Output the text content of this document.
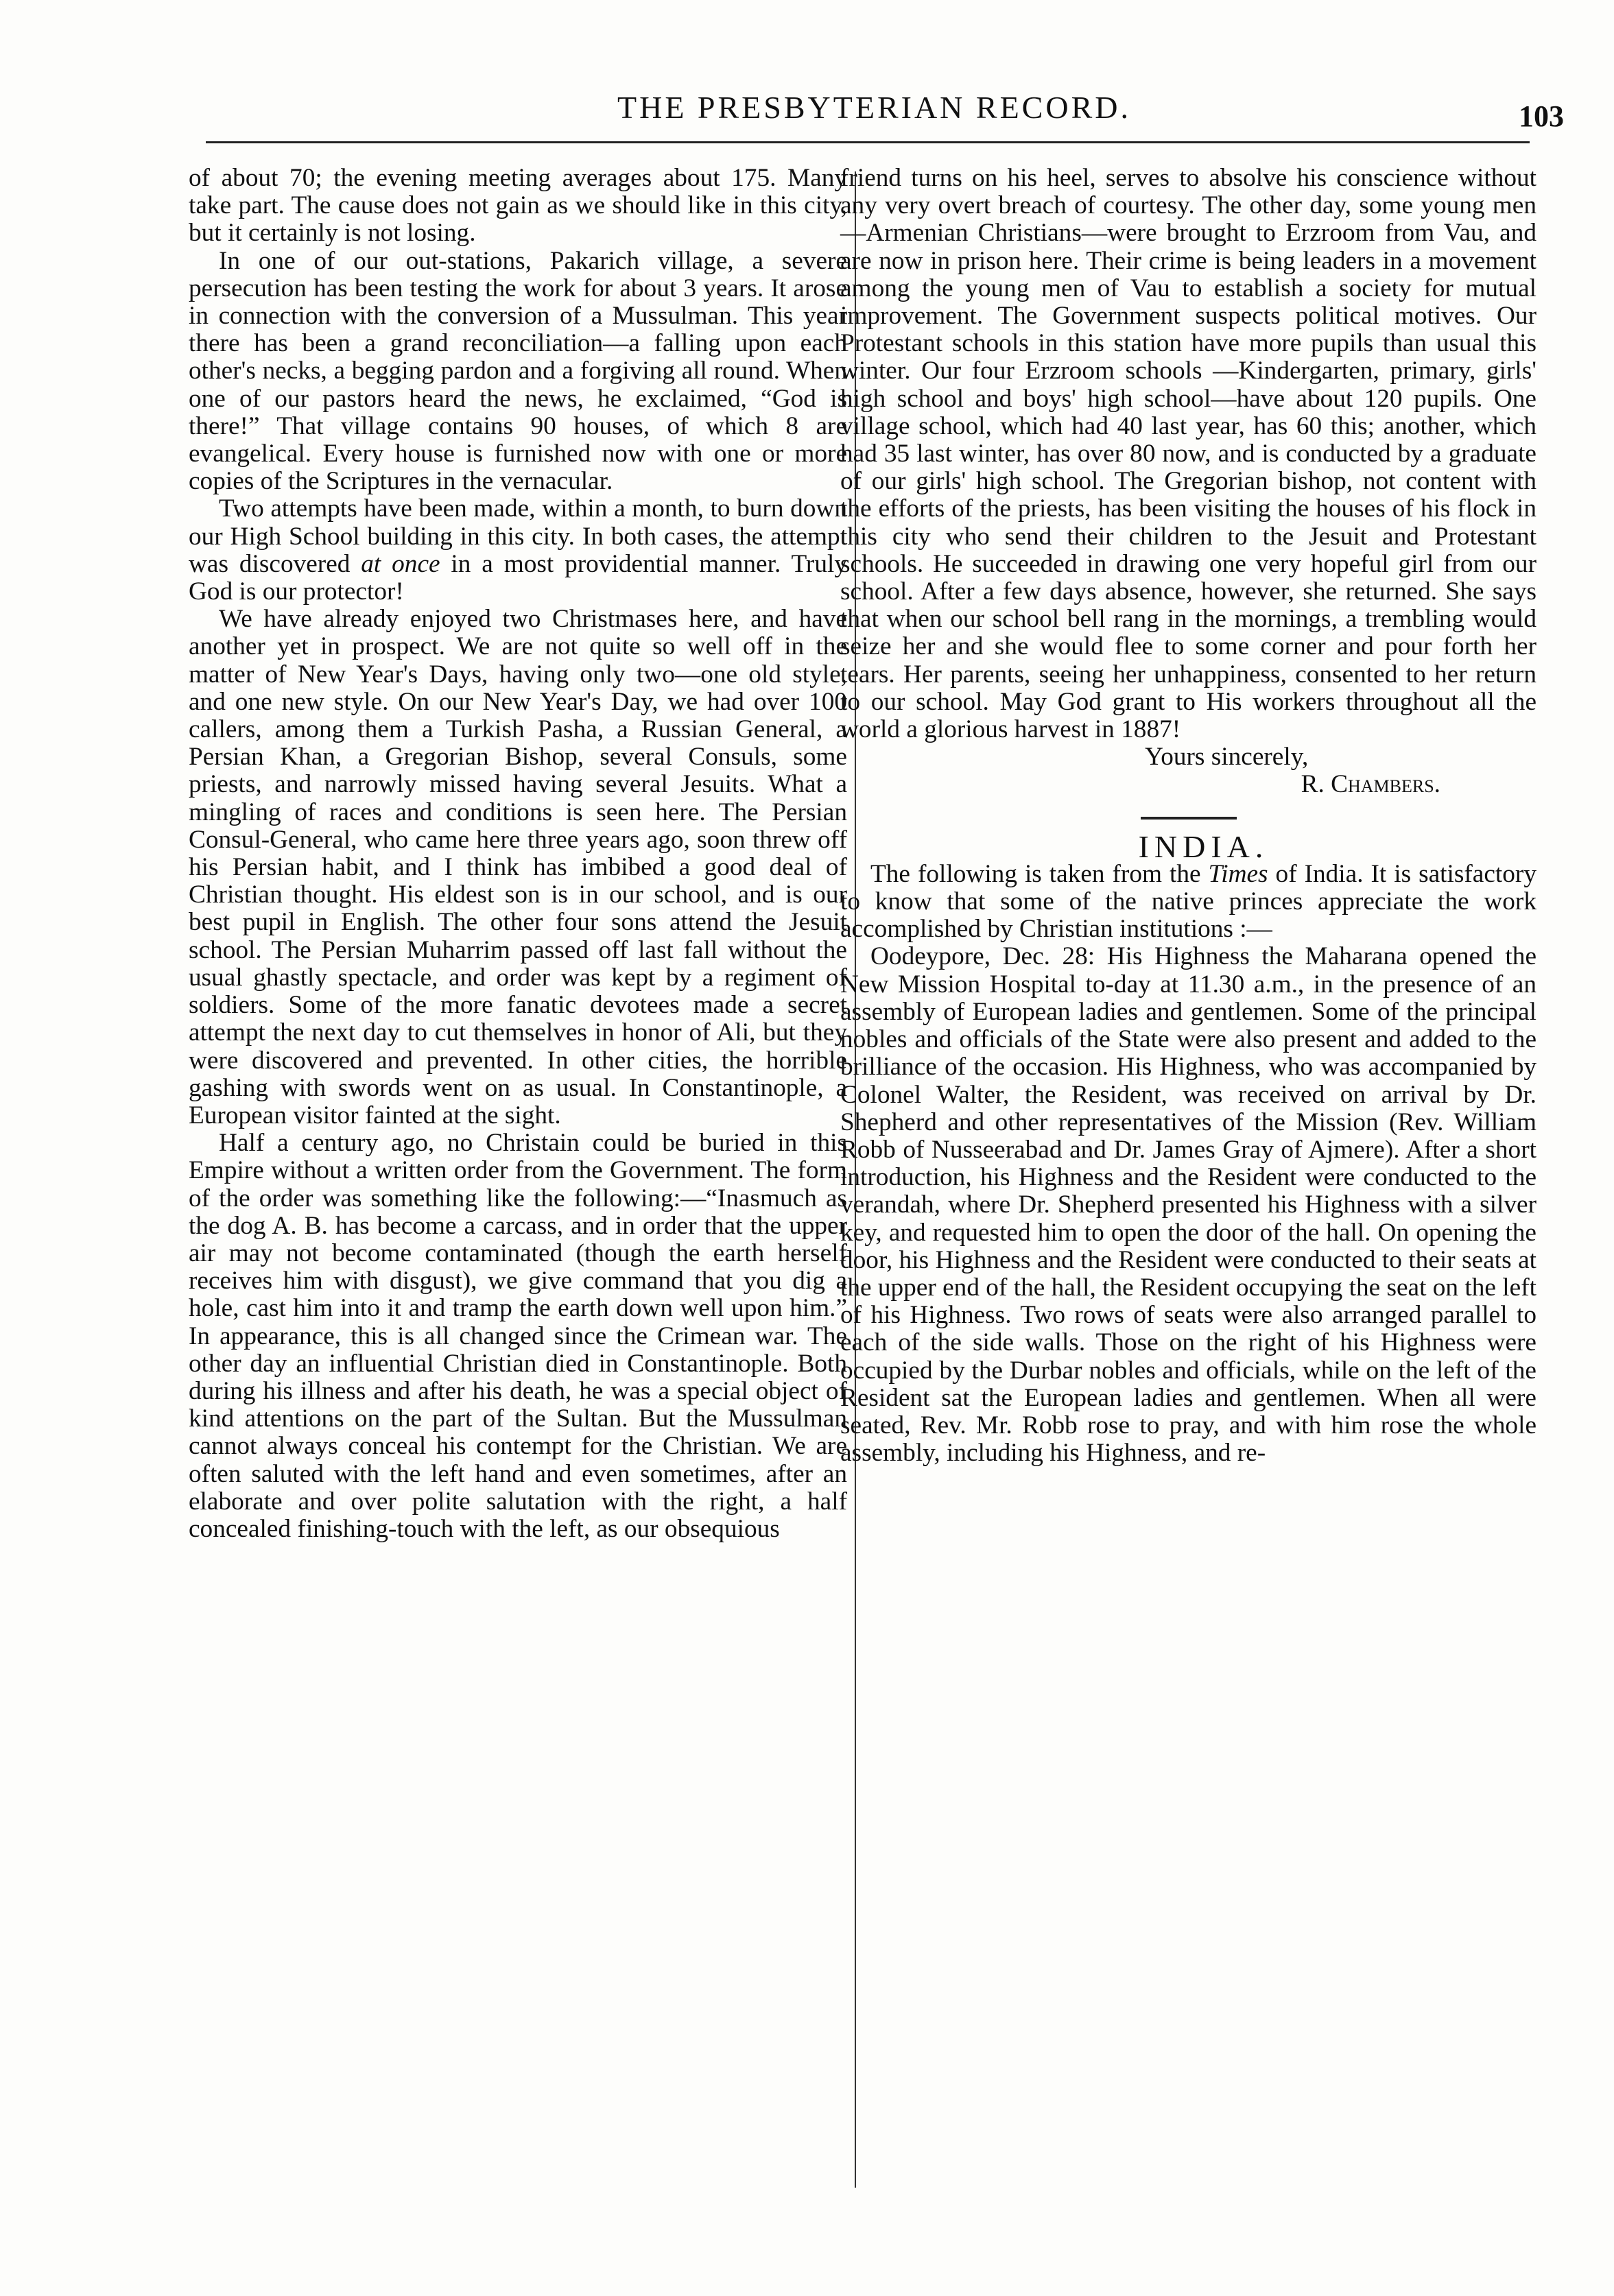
THE PRESBYTERIAN RECORD.	103

of about 70; the evening meeting averages about 175. Many take part. The cause does not gain as we should like in this city, but it certainly is not losing.

In one of our out-stations, Pakarich village, a severe persecution has been testing the work for about 3 years. It arose in connection with the conversion of a Mussulman. This year there has been a grand reconciliation—a falling upon each other's necks, a begging pardon and a forgiving all round. When one of our pastors heard the news, he exclaimed, “God is there!” That village contains 90 houses, of which 8 are evangelical. Every house is furnished now with one or more copies of the Scriptures in the vernacular.

Two attempts have been made, within a month, to burn down our High School building in this city. In both cases, the attempt was discovered at once in a most providential manner. Truly God is our protector!

We have already enjoyed two Christmases here, and have another yet in prospect. We are not quite so well off in the matter of New Year's Days, having only two—one old style, and one new style. On our New Year's Day, we had over 100 callers, among them a Turkish Pasha, a Russian General, a Persian Khan, a Gregorian Bishop, several Consuls, some priests, and narrowly missed having several Jesuits. What a mingling of races and conditions is seen here. The Persian Consul-General, who came here three years ago, soon threw off his Persian habit, and I think has imbibed a good deal of Christian thought. His eldest son is in our school, and is our best pupil in English. The other four sons attend the Jesuit school. The Persian Muharrim passed off last fall without the usual ghastly spectacle, and order was kept by a regiment of soldiers. Some of the more fanatic devotees made a secret attempt the next day to cut themselves in honor of Ali, but they were discovered and prevented. In other cities, the horrible gashing with swords went on as usual. In Constantinople, a European visitor fainted at the sight.

Half a century ago, no Christain could be buried in this Empire without a written order from the Government. The form of the order was something like the following:—“Inasmuch as the dog A. B. has become a carcass, and in order that the upper air may not become contaminated (though the earth herself receives him with disgust), we give command that you dig a hole, cast him into it and tramp the earth down well upon him.” In appearance, this is all changed since the Crimean war. The other day an influential Christian died in Constantinople. Both during his illness and after his death, he was a special object of kind attentions on the part of the Sultan. But the Mussulman cannot always conceal his contempt for the Christian. We are often saluted with the left hand and even sometimes, after an elaborate and over polite salutation with the right, a half concealed finishing-touch with the left, as our obsequious

friend turns on his heel, serves to absolve his conscience without any very overt breach of courtesy. The other day, some young men—Armenian Christians—were brought to Erzroom from Vau, and are now in prison here. Their crime is being leaders in a movement among the young men of Vau to establish a society for mutual improvement. The Government suspects political motives. Our Protestant schools in this station have more pupils than usual this winter. Our four Erzroom schools —Kindergarten, primary, girls' high school and boys' high school—have about 120 pupils. One village school, which had 40 last year, has 60 this; another, which had 35 last winter, has over 80 now, and is conducted by a graduate of our girls' high school. The Gregorian bishop, not content with the efforts of the priests, has been visiting the houses of his flock in this city who send their children to the Jesuit and Protestant schools. He succeeded in drawing one very hopeful girl from our school. After a few days absence, however, she returned. She says that when our school bell rang in the mornings, a trembling would seize her and she would flee to some corner and pour forth her tears. Her parents, seeing her unhappiness, consented to her return to our school. May God grant to His workers throughout all the world a glorious harvest in 1887!

Yours sincerely,

R. Chambers.

INDIA.

The following is taken from the Times of India. It is satisfactory to know that some of the native princes appreciate the work accomplished by Christian institutions :—

Oodeypore, Dec. 28: His Highness the Maharana opened the New Mission Hospital to-day at 11.30 a.m., in the presence of an assembly of European ladies and gentlemen. Some of the principal nobles and officials of the State were also present and added to the brilliance of the occasion. His Highness, who was accompanied by Colonel Walter, the Resident, was received on arrival by Dr. Shepherd and other representatives of the Mission (Rev. William Robb of Nusseerabad and Dr. James Gray of Ajmere). After a short introduction, his Highness and the Resident were conducted to the verandah, where Dr. Shepherd presented his Highness with a silver key, and requested him to open the door of the hall. On opening the door, his Highness and the Resident were conducted to their seats at the upper end of the hall, the Resident occupying the seat on the left of his Highness. Two rows of seats were also arranged parallel to each of the side walls. Those on the right of his Highness were occupied by the Durbar nobles and officials, while on the left of the Resident sat the European ladies and gentlemen. When all were seated, Rev. Mr. Robb rose to pray, and with him rose the whole assembly, including his Highness, and re-
